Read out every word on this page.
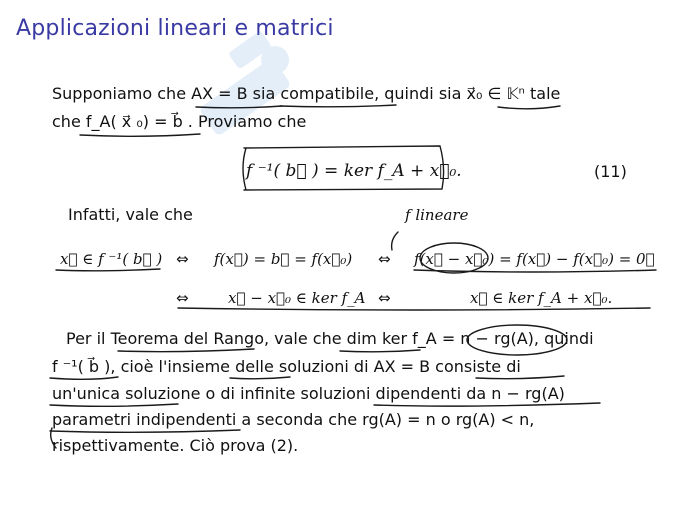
Applicazioni lineari e matrici
Supponiamo che AX = B sia compatibile, quindi sia x⃗₀ ∈ 𝕂ⁿ tale
che f_A( x⃗ ₀) = b⃗ . Proviamo che
f ⁻¹( b⃗ ) = ker f_A + x⃗₀.	(11)
Infatti, vale che	f lineare
x⃗ ∈ f ⁻¹( b⃗ ) ⇔ f(x⃗) = b⃗ = f(x⃗₀) ⇔ f(x⃗ − x⃗₀) = f(x⃗) − f(x⃗₀) = 0⃗
⇔	x⃗ − x⃗₀ ∈ ker f_A ⇔	x⃗ ∈ ker f_A + x⃗₀.
Per il Teorema del Rango, vale che dim ker f_A = n − rg(A), quindi
f ⁻¹( b⃗ ), cioè l'insieme delle soluzioni di AX = B consiste di
un'unica soluzione o di infinite soluzioni dipendenti da n − rg(A)
parametri indipendenti a seconda che rg(A) = n o rg(A) < n,
rispettivamente. Ciò prova (2).
